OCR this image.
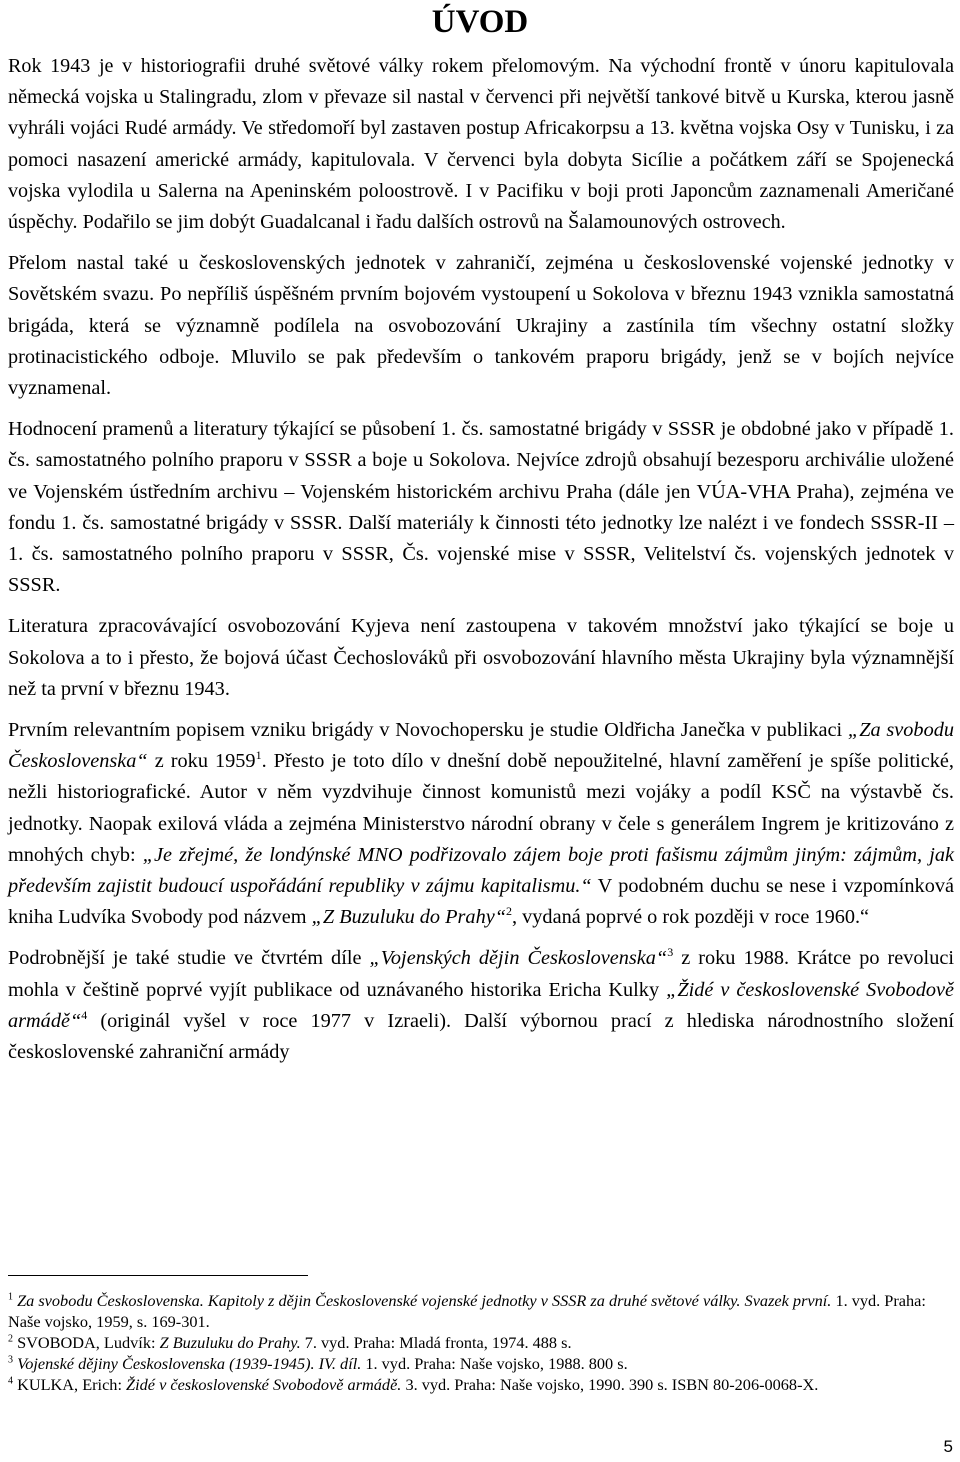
ÚVOD

Rok 1943 je v historiografii druhé světové války rokem přelomovým. Na východní frontě v únoru kapitulovala německá vojska u Stalingradu, zlom v převaze sil nastal v červenci při největší tankové bitvě u Kurska, kterou jasně vyhráli vojáci Rudé armády. Ve středomoří byl zastaven postup Africakorpsu a 13. května vojska Osy v Tunisku, i za pomoci nasazení americké armády, kapitulovala. V červenci byla dobyta Sicílie a počátkem září se Spojenecká vojska vylodila u Salerna na Apeninském poloostrově. I v Pacifiku v boji proti Japoncům zaznamenali Američané úspěchy. Podařilo se jim dobýt Guadalcanal i řadu dalších ostrovů na Šalamounových ostrovech.

Přelom nastal také u československých jednotek v zahraničí, zejména u československé vojenské jednotky v Sovětském svazu. Po nepříliš úspěšném prvním bojovém vystoupení u Sokolova v březnu 1943 vznikla samostatná brigáda, která se významně podílela na osvobozování Ukrajiny a zastínila tím všechny ostatní složky protinacistického odboje. Mluvilo se pak především o tankovém praporu brigády, jenž se v bojích nejvíce vyznamenal.

Hodnocení pramenů a literatury týkající se působení 1. čs. samostatné brigády v SSSR je obdobné jako v případě 1. čs. samostatného polního praporu v SSSR a boje u Sokolova. Nejvíce zdrojů obsahují bezesporu archiválie uložené ve Vojenském ústředním archivu – Vojenském historickém archivu Praha (dále jen VÚA-VHA Praha), zejména ve fondu 1. čs. samostatné brigády v SSSR. Další materiály k činnosti této jednotky lze nalézt i ve fondech SSSR-II – 1. čs. samostatného polního praporu v SSSR, Čs. vojenské mise v SSSR, Velitelství čs. vojenských jednotek v SSSR.

Literatura zpracovávající osvobozování Kyjeva není zastoupena v takovém množství jako týkající se boje u Sokolova a to i přesto, že bojová účast Čechoslováků při osvobozování hlavního města Ukrajiny byla významnější než ta první v březnu 1943.

Prvním relevantním popisem vzniku brigády v Novochopersku je studie Oldřicha Janečka v publikaci „Za svobodu Československa“ z roku 1959$^1$. Přesto je toto dílo v dnešní době nepoužitelné, hlavní zaměření je spíše politické, nežli historiografické. Autor v něm vyzdvihuje činnost komunistů mezi vojáky a podíl KSČ na výstavbě čs. jednotky. Naopak exilová vláda a zejména Ministerstvo národní obrany v čele s generálem Ingrem je kritizováno z mnohých chyb: „Je zřejmé, že londýnské MNO podřizovalo zájem boje proti fašismu zájmům jiným: zájmům, jak především zajistit budoucí uspořádání republiky v zájmu kapitalismu.“ V podobném duchu se nese i vzpomínková kniha Ludvíka Svobody pod názvem „Z Buzuluku do Prahy“$^2$, vydaná poprvé o rok později v roce 1960.“

Podrobnější je také studie ve čtvrtém díle „Vojenských dějin Československa“$^3$ z roku 1988. Krátce po revoluci mohla v češtině poprvé vyjít publikace od uznávaného historika Ericha Kulky „Židé v československé Svobodově armádě“$^4$ (originál vyšel v roce 1977 v Izraeli). Další výbornou prací z hlediska národnostního složení československé zahraniční armády

$^1$ Za svobodu Československa. Kapitoly z dějin Československé vojenské jednotky v SSSR za druhé světové války. Svazek první. 1. vyd. Praha: Naše vojsko, 1959, s. 169-301.

$^2$ SVOBODA, Ludvík: Z Buzuluku do Prahy. 7. vyd. Praha: Mladá fronta, 1974. 488 s.

$^3$ Vojenské dějiny Československa (1939-1945). IV. díl. 1. vyd. Praha: Naše vojsko, 1988. 800 s.

$^4$ KULKA, Erich: Židé v československé Svobodově armádě. 3. vyd. Praha: Naše vojsko, 1990. 390 s. ISBN 80-206-0068-X.

5
